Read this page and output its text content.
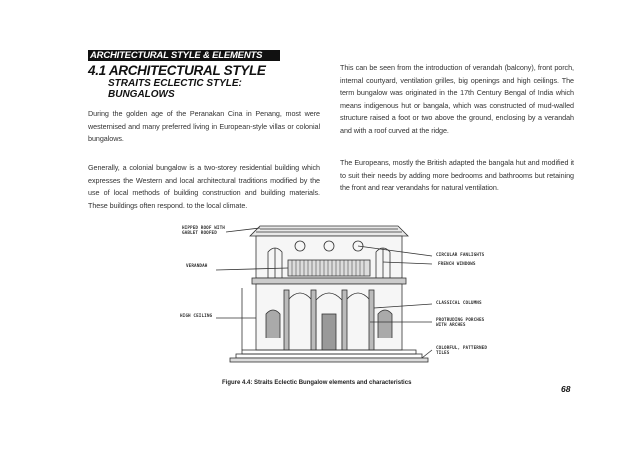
ARCHITECTURAL STYLE & ELEMENTS
4.1 ARCHITECTURAL STYLE
STRAITS ECLECTIC STYLE: BUNGALOWS

During the golden age of the Peranakan Cina in Penang, most were westernised and many preferred living in European-style villas or colonial bungalows.

Generally, a colonial bungalow is a two-storey residential building which expresses the Western and local architectural traditions modified by the use of local methods of building construction and building materials. These buildings often respond. to the local climate.

This can be seen from the introduction of verandah (balcony), front porch, internal courtyard, ventilation grilles, big openings and high ceilings. The term bungalow was originated in the 17th Century Bengal of India which means indigenous hut or bangala, which was constructed of mud-walled structure raised a foot or two above the ground, enclosing by a verandah and with a roof curved at the ridge.

The Europeans, mostly the British adapted the bangala hut and modified it to suit their needs by adding more bedrooms and bathrooms but retaining the front and rear verandahs for natural ventilation.

HIPPED ROOF WITH GABLET ROOFED
VERANDAH
HIGH CEILING
CIRCULAR FANLIGHTS
FRENCH WINDOWS
CLASSICAL COLUMNS
PROTRUDING PORCHES WITH ARCHES
COLORFUL, PATTERNED TILES
Figure 4.4: Straits Eclectic Bungalow elements and characteristics
68
